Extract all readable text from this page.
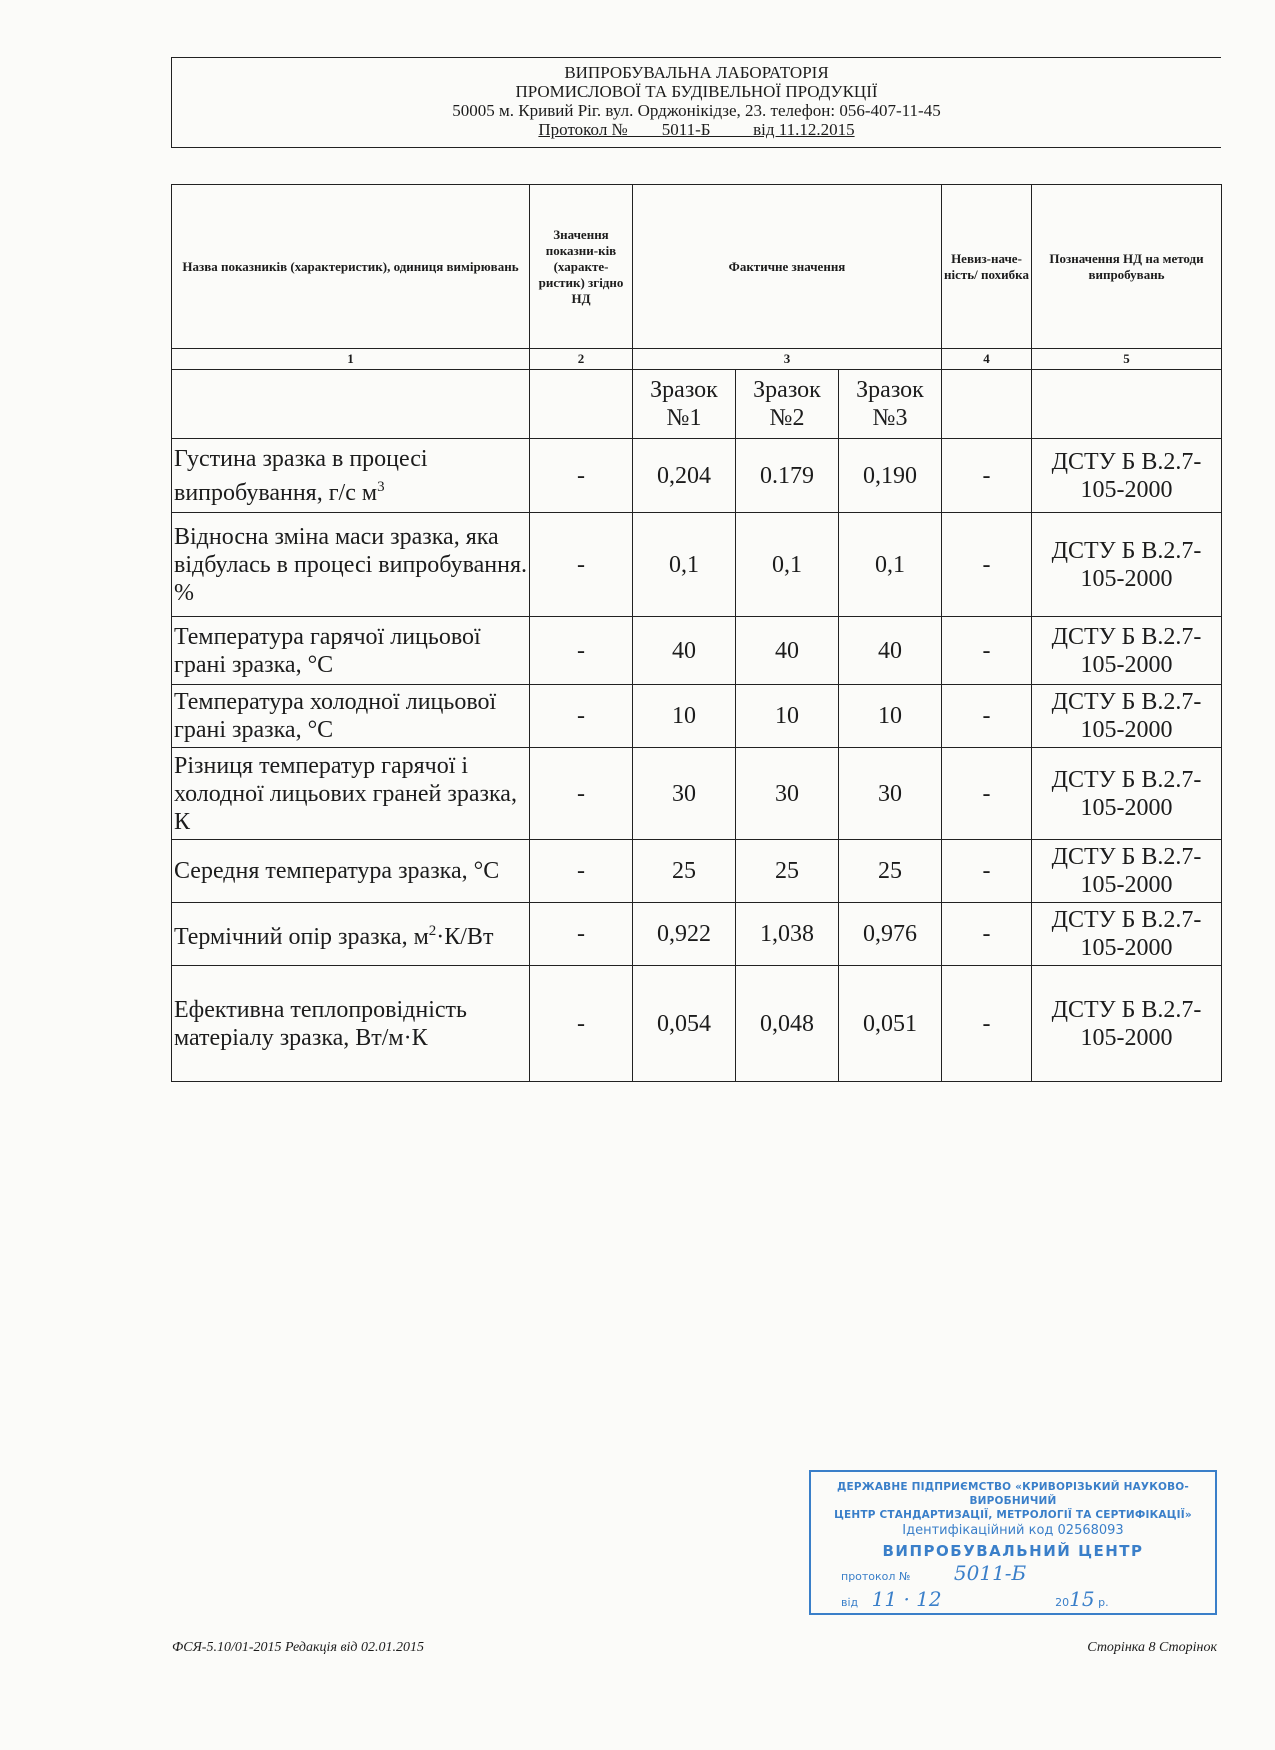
ВИПРОБУВАЛЬНА ЛАБОРАТОРІЯ
ПРОМИСЛОВОЇ ТА БУДІВЕЛЬНОЇ ПРОДУКЦІЇ
50005 м. Кривий Ріг. вул. Орджонікідзе, 23. телефон: 056-407-11-45
Протокол №        5011-Б          від 11.12.2015
Назва показників (характеристик), одиниця вимірювань	Значення показни-ків (характе-ристик) згідно НД	Фактичне значення			Невиз-наче-ність/ похибка	Позначення НД на методи випробувань
1	2	3			4	5
		Зразок №1	Зразок №2	Зразок №3		
Густина зразка в процесі випробування, г/с $м^3$	-	0,204	0.179	0,190	-	ДСТУ Б В.2.7-105-2000
Відносна зміна маси зразка, яка відбулась в процесі випробування. %	-	0,1	0,1	0,1	-	ДСТУ Б В.2.7-105-2000
Температура гарячої лицьової грані зразка, °С	-	40	40	40	-	ДСТУ Б В.2.7-105-2000
Температура холодної лицьової грані зразка, °С	-	10	10	10	-	ДСТУ Б В.2.7-105-2000
Різниця температур гарячої і холодної лицьових граней зразка, К	-	30	30	30	-	ДСТУ Б В.2.7-105-2000
Середня температура зразка, °С	-	25	25	25	-	ДСТУ Б В.2.7-105-2000
Термічний опір зразка, $м^2\cdot К/Вт$	-	0,922	1,038	0,976	-	ДСТУ Б В.2.7-105-2000
Ефективна теплопровідність матеріалу зразка, Вт/м·К	-	0,054	0,048	0,051	-	ДСТУ Б В.2.7-105-2000
ДЕРЖАВНЕ ПІДПРИЄМСТВО «КРИВОРІЗЬКИЙ НАУКОВО-ВИРОБНИЧИЙ
ЦЕНТР СТАНДАРТИЗАЦІЇ, МЕТРОЛОГІЇ ТА СЕРТИФІКАЦІЇ»
Ідентифікаційний код 02568093
ВИПРОБУВАЛЬНИЙ ЦЕНТР
протокол № 5011-Б
від 11 · 12	2015 р.
ФСЯ-5.10/01-2015 Редакція від 02.01.2015	Сторінка 8 Сторінок
